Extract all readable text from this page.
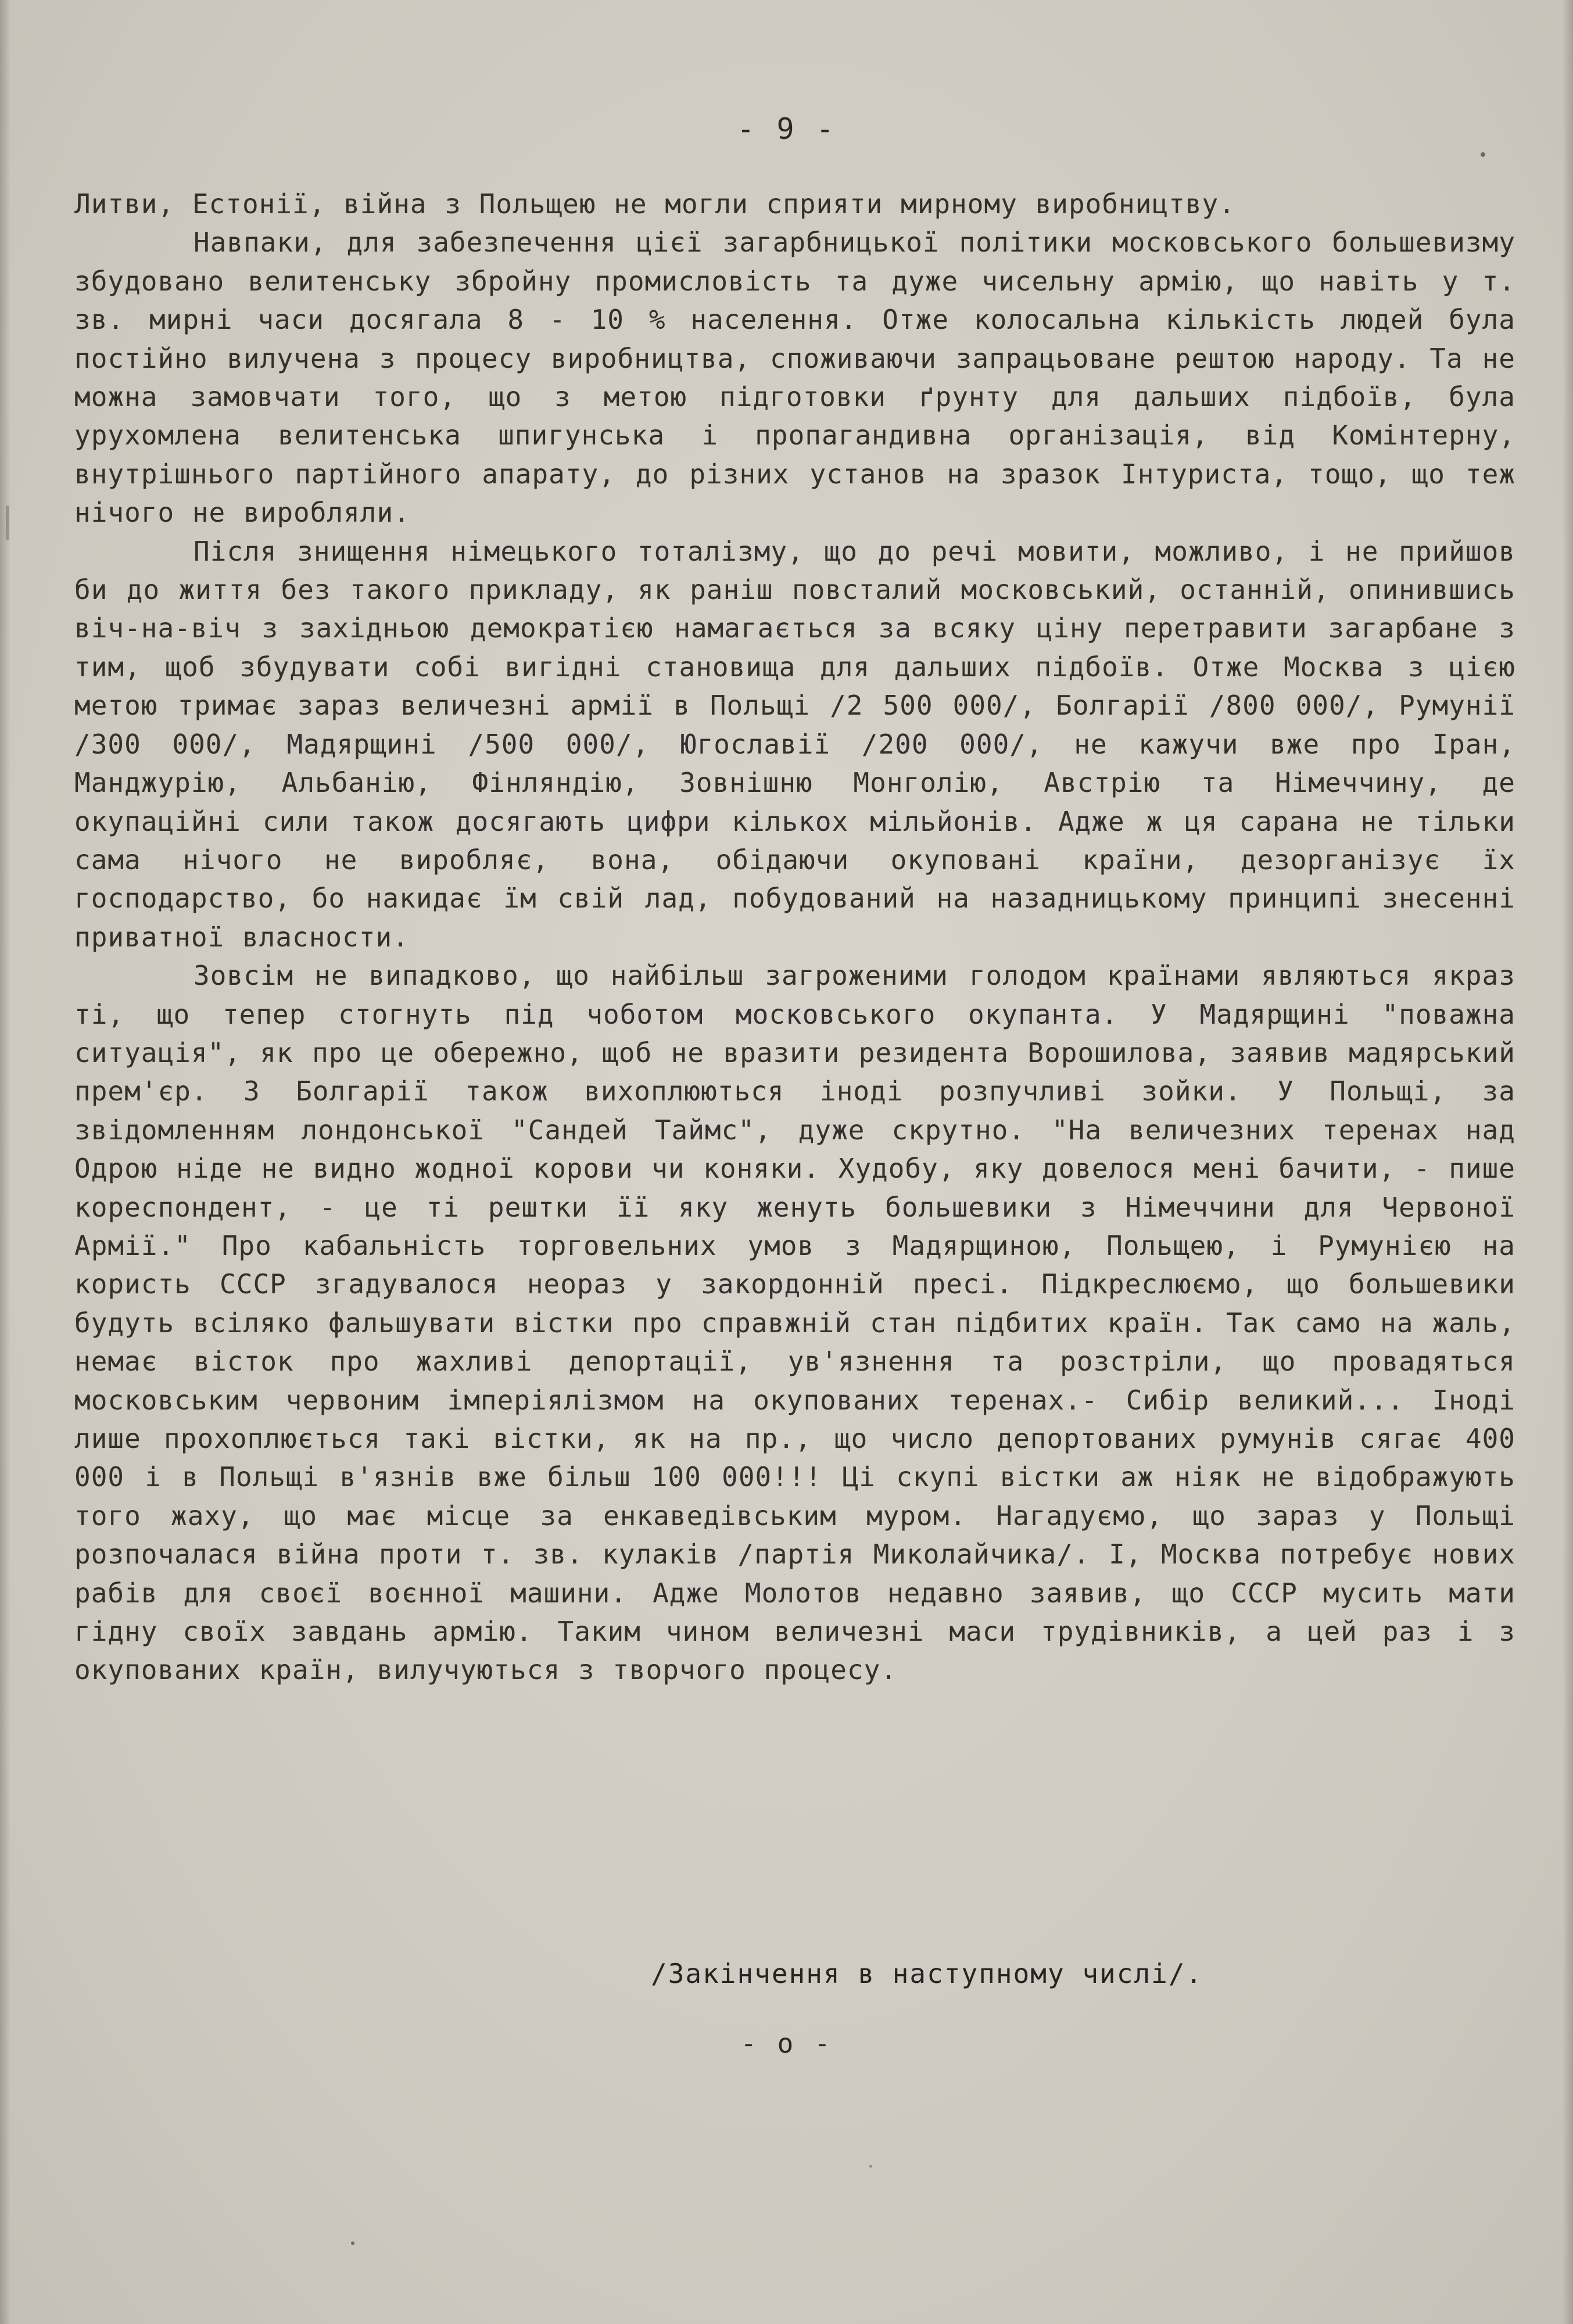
- 9 -

Литви, Естонії, війна з Польщею не могли сприяти мирному виробництву.

Навпаки, для забезпечення цієї загарбницької політики московського большевизму збудовано велитенську збройну промисловість та дуже чисельну армію, що навіть у т. зв. мирні часи досягала 8 - 10 % населення. Отже колосальна кількість людей була постійно вилучена з процесу виробництва, споживаючи запрацьоване рештою народу. Та не можна замовчати того, що з метою підготовки ґрунту для дальших підбоїв, була урухомлена велитенська шпигунська і пропагандивна організація, від Комінтерну, внутрішнього партійного апарату, до різних установ на зразок Інтуриста, тощо, що теж нічого не виробляли.

Після знищення німецького тоталізму, що до речі мовити, можливо, і не прийшов би до життя без такого прикладу, як раніш повсталий московський, останній, опинившись віч-на-віч з західньою демократією намагається за всяку ціну перетравити загарбане з тим, щоб збудувати собі вигідні становища для дальших підбоїв. Отже Москва з цією метою тримає зараз величезні армії в Польщі /2 500 000/, Болгарії /800 000/, Румунії /300 000/, Мадярщині /500 000/, Югославії /200 000/, не кажучи вже про Іран, Манджурію, Альбанію, Фінляндію, Зовнішню Монголію, Австрію та Німеччину, де окупаційні сили також досягають цифри кількох мільйонів. Адже ж ця сарана не тільки сама нічого не виробляє, вона, обідаючи окуповані країни, дезорганізує їх господарство, бо накидає їм свій лад, побудований на назадницькому принципі знесенні приватної власности.

Зовсім не випадково, що найбільш загроженими голодом країнами являються якраз ті, що тепер стогнуть під чоботом московського окупанта. У Мадярщині "поважна ситуація", як про це обережно, щоб не вразити резидента Ворошилова, заявив мадярський прем'єр. З Болгарії також вихоплюються іноді розпучливі зойки. У Польщі, за звідомленням лондонської "Сандей Таймс", дуже скрутно. "На величезних теренах над Одрою ніде не видно жодної корови чи коняки. Худобу, яку довелося мені бачити, - пише кореспондент, - це ті рештки її яку женуть большевики з Німеччини для Червоної Армії." Про кабальність торговельних умов з Мадярщиною, Польщею, і Румунією на користь СССР згадувалося неораз у закордонній пресі. Підкреслюємо, що большевики будуть всіляко фальшувати вістки про справжній стан підбитих країн. Так само на жаль, немає вісток про жахливі депортації, ув'язнення та розстріли, що провадяться московським червоним імперіялізмом на окупованих теренах.- Сибір великий... Іноді лише прохоплюється такі вістки, як на пр., що число депортованих румунів сягає 400 000 і в Польщі в'язнів вже більш 100 000!!! Ці скупі вістки аж ніяк не відображують того жаху, що має місце за енкаведівським муром. Нагадуємо, що зараз у Польщі розпочалася війна проти т. зв. кулаків /партія Миколайчика/. І, Москва потребує нових рабів для своєї воєнної машини. Адже Молотов недавно заявив, що СССР мусить мати гідну своїх завдань армію. Таким чином величезні маси трудівників, а цей раз і з окупованих країн, вилучуються з творчого процесу.

/Закінчення в наступному числі/.
- о -
